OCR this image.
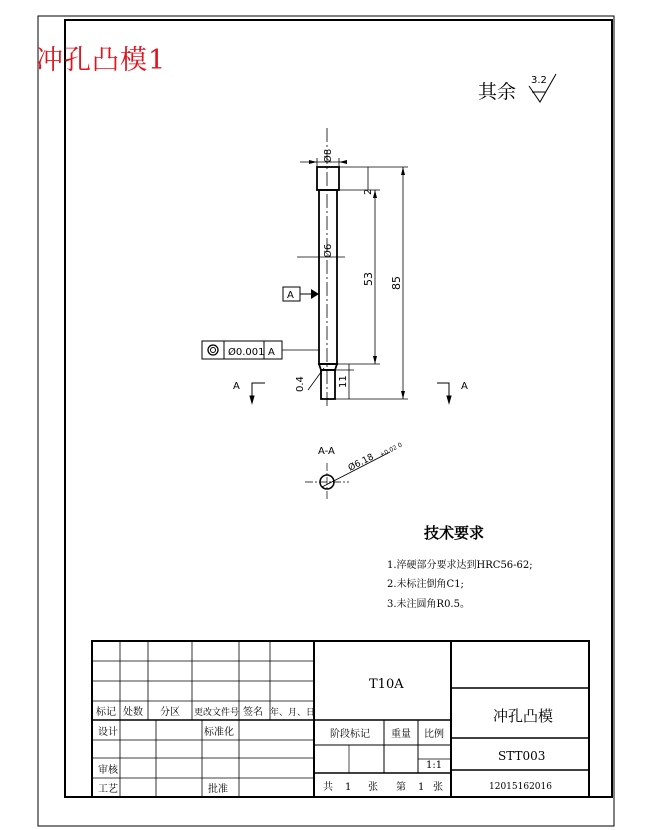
其余
3.2
Ø8
Ø6
2
53 85
11
0.4
A
Ø0.001 A
A	A
A-A
Ø6.18
+0.02 0
技术要求
1.淬硬部分要求达到HRC56-62;
2.未标注倒角C1;
3.未注圆角R0.5。
标记 处数 分区 更改文件号 签名 年、月、日
设计	标准化
审核
工艺	批准
T10A
阶段标记 重量 比例
1:1
共 1 张 第 1 张
冲孔凸模
STT003
12015162016
冲孔凸模1
